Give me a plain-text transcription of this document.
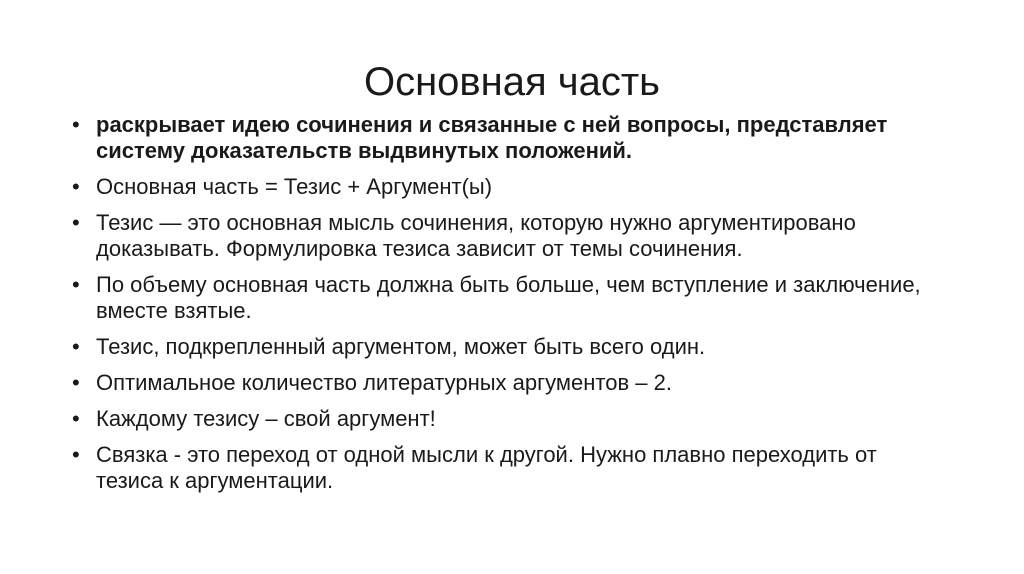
Основная часть
• раскрывает идею сочинения и связанные с ней вопросы, представляет систему доказательств выдвинутых положений.
• Основная часть = Тезис + Аргумент(ы)
• Тезис — это основная мысль сочинения, которую нужно аргументировано доказывать. Формулировка тезиса зависит от темы сочинения.
• По объему основная часть должна быть больше, чем вступление и заключение, вместе взятые.
• Тезис, подкрепленный аргументом, может быть всего один.
• Оптимальное количество литературных аргументов – 2.
• Каждому тезису – свой аргумент!
• Связка - это переход от одной мысли к другой. Нужно плавно переходить от тезиса к аргументации.
